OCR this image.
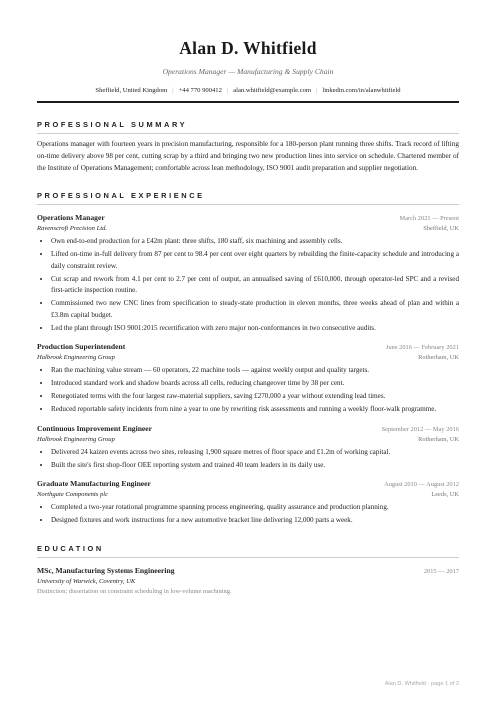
Alan D. Whitfield
Operations Manager — Manufacturing & Supply Chain
Sheffield, United Kingdom | +44 770 900412 | alan.whitfield@example.com | linkedin.com/in/alanwhitfield
PROFESSIONAL SUMMARY
Operations manager with fourteen years in precision manufacturing, responsible for a 180-person plant running three shifts. Track record of lifting on-time delivery above 98 per cent, cutting scrap by a third and bringing two new production lines into service on schedule. Chartered member of the Institute of Operations Management; comfortable across lean methodology, ISO 9001 audit preparation and supplier negotiation.
PROFESSIONAL EXPERIENCE
Operations Manager	March 2021 — Present
Ravenscroft Precision Ltd.	Sheffield, UK
• Own end-to-end production for a £42m plant: three shifts, 180 staff, six machining and assembly cells.
• Lifted on-time in-full delivery from 87 per cent to 98.4 per cent over eight quarters by rebuilding the finite-capacity schedule and introducing a daily constraint review.
• Cut scrap and rework from 4.1 per cent to 2.7 per cent of output, an annualised saving of £610,000, through operator-led SPC and a revised first-article inspection routine.
• Commissioned two new CNC lines from specification to steady-state production in eleven months, three weeks ahead of plan and within a £3.8m capital budget.
• Led the plant through ISO 9001:2015 recertification with zero major non-conformances in two consecutive audits.
Production Superintendent	June 2016 — February 2021
Halbrook Engineering Group	Rotherham, UK
• Ran the machining value stream — 60 operators, 22 machine tools — against weekly output and quality targets.
• Introduced standard work and shadow boards across all cells, reducing changeover time by 38 per cent.
• Renegotiated terms with the four largest raw-material suppliers, saving £270,000 a year without extending lead times.
• Reduced reportable safety incidents from nine a year to one by rewriting risk assessments and running a weekly floor-walk programme.
Continuous Improvement Engineer	September 2012 — May 2016
Halbrook Engineering Group	Rotherham, UK
• Delivered 24 kaizen events across two sites, releasing 1,900 square metres of floor space and £1.2m of working capital.
• Built the site's first shop-floor OEE reporting system and trained 40 team leaders in its daily use.
Graduate Manufacturing Engineer	August 2010 — August 2012
Northgate Components plc	Leeds, UK
• Completed a two-year rotational programme spanning process engineering, quality assurance and production planning.
• Designed fixtures and work instructions for a new automotive bracket line delivering 12,000 parts a week.
EDUCATION
MSc, Manufacturing Systems Engineering	2015 — 2017
University of Warwick, Coventry, UK
Distinction; dissertation on constraint scheduling in low-volume machining.
Alan D. Whitfield · page 1 of 2
